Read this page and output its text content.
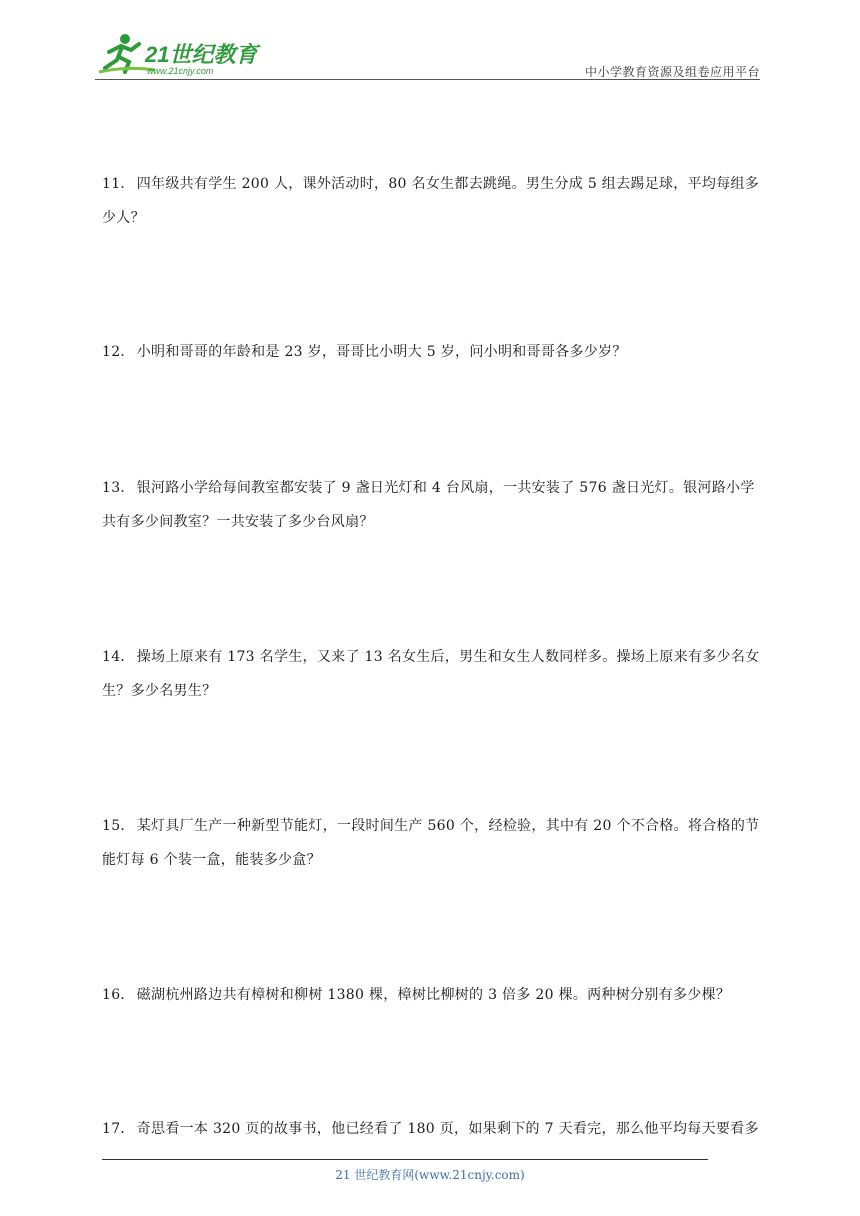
21世纪教育
www.21cnjy.com	中小学教育资源及组卷应用平台
11． 四年级共有学生 200 人，课外活动时，80 名女生都去跳绳。男生分成 5 组去踢足球，平均每组多少人？
12． 小明和哥哥的年龄和是 23 岁，哥哥比小明大 5 岁，问小明和哥哥各多少岁？
13． 银河路小学给每间教室都安装了 9 盏日光灯和 4 台风扇，一共安装了 576 盏日光灯。银河路小学共有多少间教室？一共安装了多少台风扇？
14． 操场上原来有 173 名学生，又来了 13 名女生后，男生和女生人数同样多。操场上原来有多少名女生？多少名男生？
15． 某灯具厂生产一种新型节能灯，一段时间生产 560 个，经检验，其中有 20 个不合格。将合格的节能灯每 6 个装一盒，能装多少盒？
16． 磁湖杭州路边共有樟树和柳树 1380 棵，樟树比柳树的 3 倍多 20 棵。两种树分别有多少棵？
17． 奇思看一本 320 页的故事书，他已经看了 180 页，如果剩下的 7 天看完，那么他平均每天要看多
21 世纪教育网(www.21cnjy.com)
